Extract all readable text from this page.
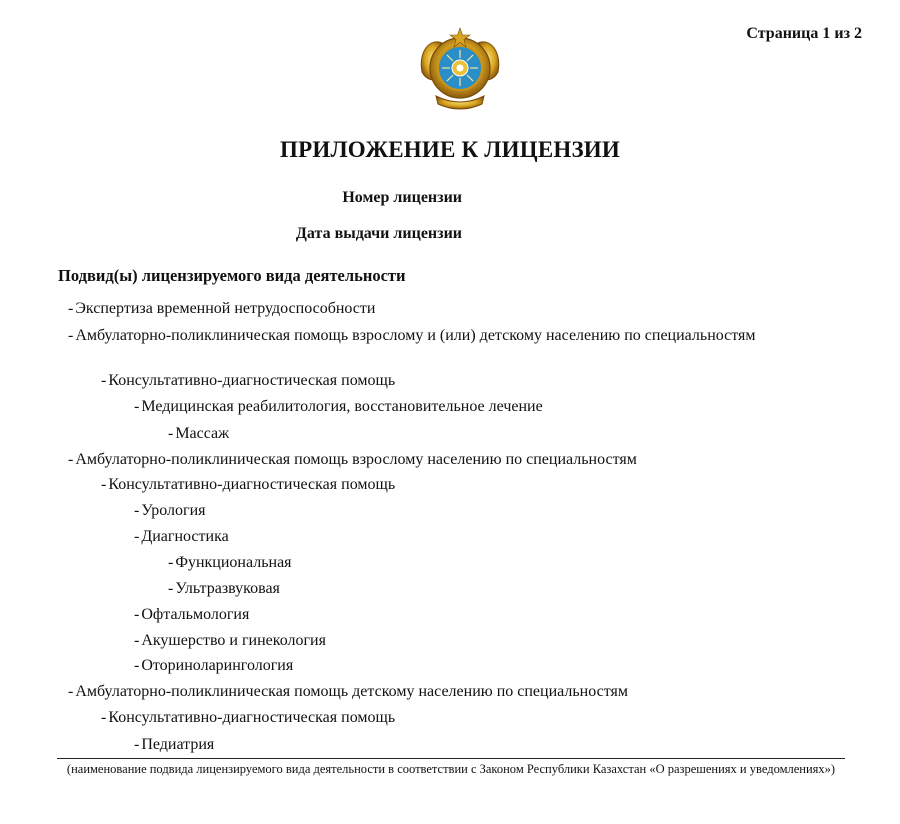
Страница 1 из 2
ПРИЛОЖЕНИЕ К ЛИЦЕНЗИИ
Номер лицензии
Дата выдачи лицензии
Подвид(ы) лицензируемого вида деятельности
- Экспертиза временной нетрудоспособности
- Амбулаторно-поликлиническая помощь взрослому и (или) детскому населению по специальностям
- Консультативно-диагностическая помощь
- Медицинская реабилитология, восстановительное лечение
- Массаж
- Амбулаторно-поликлиническая помощь взрослому населению по специальностям
- Консультативно-диагностическая помощь
- Урология
- Диагностика
- Функциональная
- Ультразвуковая
- Офтальмология
- Акушерство и гинекология
- Оториноларингология
- Амбулаторно-поликлиническая помощь детскому населению по специальностям
- Консультативно-диагностическая помощь
- Педиатрия
(наименование подвида лицензируемого вида деятельности в соответствии с Законом Республики Казахстан «О разрешениях и уведомлениях»)
